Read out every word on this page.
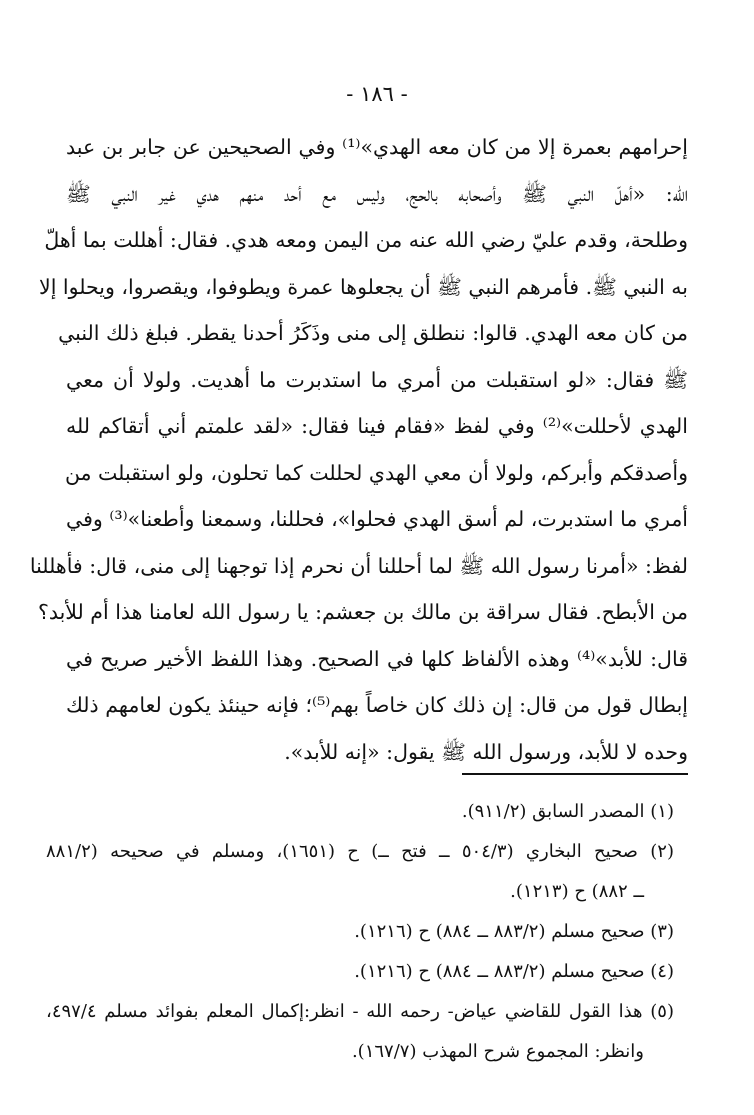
- ١٨٦ -
إحرامهم بعمرة إلا من كان معه الهدي»⁽¹⁾ وفي الصحيحين عن جابر بن عبد
الله: «أهلّ النبي ﷺ وأصحابه بالحج، وليس مع أحد منهم هدي غير النبي ﷺ
وطلحة، وقدم عليّ رضي الله عنه من اليمن ومعه هدي. فقال: أهللت بما أهلّ
به النبي ﷺ. فأمرهم النبي ﷺ أن يجعلوها عمرة ويطوفوا، ويقصروا، ويحلوا إلا
من كان معه الهدي. قالوا: ننطلق إلى منى وذَكَرُ أحدنا يقطر. فبلغ ذلك النبي
ﷺ فقال: «لو استقبلت من أمري ما استدبرت ما أهديت. ولولا أن معي
الهدي لأحللت»⁽²⁾ وفي لفظ «فقام فينا فقال: «لقد علمتم أني أتقاكم لله
وأصدقكم وأبركم، ولولا أن معي الهدي لحللت كما تحلون، ولو استقبلت من
أمري ما استدبرت، لم أسق الهدي فحلوا»، فحللنا، وسمعنا وأطعنا»⁽³⁾ وفي
لفظ: «أمرنا رسول الله ﷺ لما أحللنا أن نحرم إذا توجهنا إلى منى، قال: فأهللنا
من الأبطح. فقال سراقة بن مالك بن جعشم: يا رسول الله لعامنا هذا أم للأبد؟
قال: للأبد»⁽⁴⁾ وهذه الألفاظ كلها في الصحيح. وهذا اللفظ الأخير صريح في
إبطال قول من قال: إن ذلك كان خاصاً بهم⁽⁵⁾؛ فإنه حينئذ يكون لعامهم ذلك
وحده لا للأبد، ورسول الله ﷺ يقول: «إنه للأبد».
(١) المصدر السابق (٩١١/٢).
(٢) صحيح البخاري (٥٠٤/٣ ــ فتح ــ) ح (١٦٥١)، ومسلم في صحيحه (٨٨١/٢
ــ ٨٨٢) ح (١٢١٣).
(٣) صحيح مسلم (٨٨٣/٢ ــ ٨٨٤) ح (١٢١٦).
(٤) صحيح مسلم (٨٨٣/٢ ــ ٨٨٤) ح (١٢١٦).
(٥) هذا القول للقاضي عياض- رحمه الله - انظر:إكمال المعلم بفوائد مسلم ٤٩٧/٤،
وانظر: المجموع شرح المهذب (١٦٧/٧).
